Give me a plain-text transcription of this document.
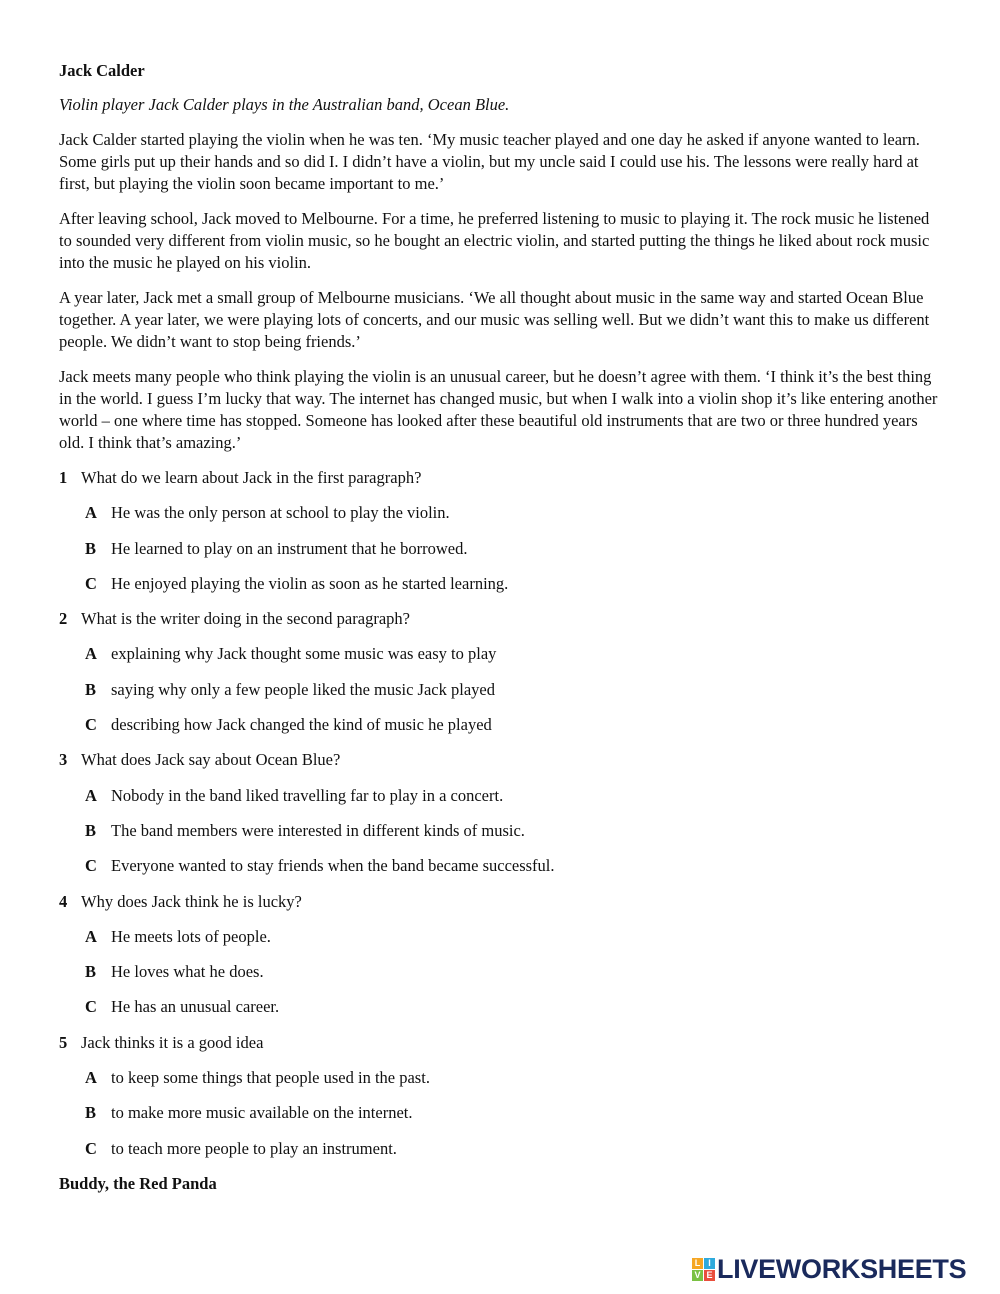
Jack Calder
Violin player Jack Calder plays in the Australian band, Ocean Blue.

Jack Calder started playing the violin when he was ten. ‘My music teacher played and one day he asked if anyone wanted to learn. Some girls put up their hands and so did I. I didn’t have a violin, but my uncle said I could use his. The lessons were really hard at first, but playing the violin soon became important to me.’

After leaving school, Jack moved to Melbourne. For a time, he preferred listening to music to playing it. The rock music he listened to sounded very different from violin music, so he bought an electric violin, and started putting the things he liked about rock music into the music he played on his violin.

A year later, Jack met a small group of Melbourne musicians. ‘We all thought about music in the same way and started Ocean Blue together. A year later, we were playing lots of concerts, and our music was selling well. But we didn’t want this to make us different people. We didn’t want to stop being friends.’

Jack meets many people who think playing the violin is an unusual career, but he doesn’t agree with them. ‘I think it’s the best thing in the world. I guess I’m lucky that way. The internet has changed music, but when I walk into a violin shop it’s like entering another world – one where time has stopped. Someone has looked after these beautiful old instruments that are two or three hundred years old. I think that’s amazing.’

1 What do we learn about Jack in the first paragraph?
A He was the only person at school to play the violin.
B He learned to play on an instrument that he borrowed.
C He enjoyed playing the violin as soon as he started learning.
2 What is the writer doing in the second paragraph?
A explaining why Jack thought some music was easy to play
B saying why only a few people liked the music Jack played
C describing how Jack changed the kind of music he played
3 What does Jack say about Ocean Blue?
A Nobody in the band liked travelling far to play in a concert.
B The band members were interested in different kinds of music.
C Everyone wanted to stay friends when the band became successful.
4 Why does Jack think he is lucky?
A He meets lots of people.
B He loves what he does.
C He has an unusual career.
5 Jack thinks it is a good idea
A to keep some things that people used in the past.
B to make more music available on the internet.
C to teach more people to play an instrument.
Buddy, the Red Panda
L I
V E LIVEWORKSHEETS
